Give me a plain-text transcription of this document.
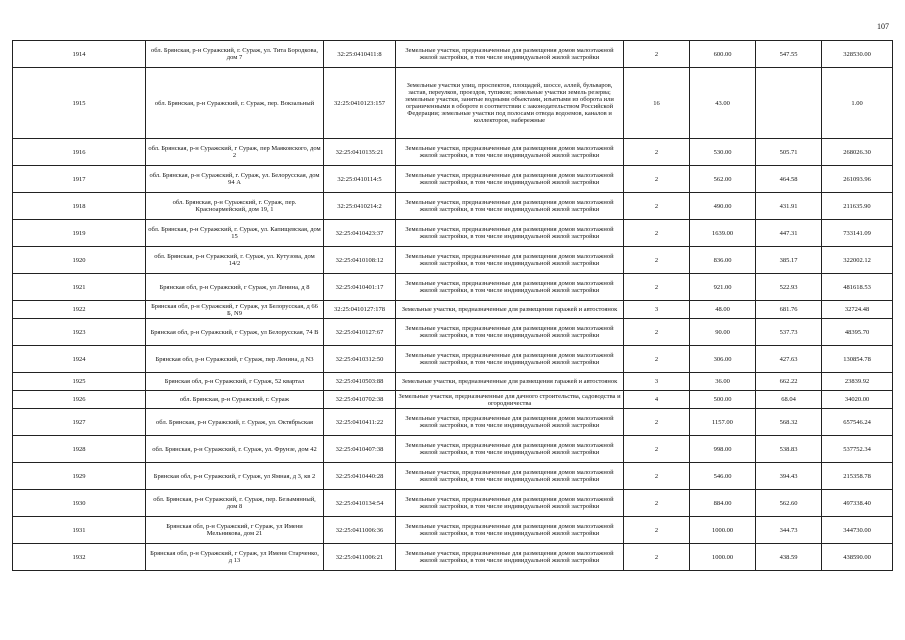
107
1914	обл. Брянская, р-н Суражский, г. Сураж, ул. Тита Бородкова, дом 7	32:25:0410411:8	Земельные участки, предназначенные для размещения домов малоэтажной жилой застройки, в том числе индивидуальной жилой застройки	2	600.00	547.55	328530.00
1915	обл. Брянская, р-н Суражский, г. Сураж, пер. Вокзальный	32:25:0410123:157	Земельные участки улиц, проспектов, площадей, шоссе, аллей, бульваров, застав, переулков, проездов, тупиков; земельные участки земель резерва; земельные участки, занятые водными объектами, изъятыми из оборота или ограниченными в обороте в соответствии с законодательством Российской Федерации; земельные участки под полосами отвода водоемов, каналов и коллекторов, набережные	16	43.00		1.00
1916	обл. Брянская, р-н Суражский, г Сураж, пер Маяковского, дом 2	32:25:0410135:21	Земельные участки, предназначенные для размещения домов малоэтажной жилой застройки, в том числе индивидуальной жилой застройки	2	530.00	505.71	268026.30
1917	обл. Брянская, р-н Суражский, г. Сураж, ул. Белорусская, дом 94 А	32:25:0410114:5	Земельные участки, предназначенные для размещения домов малоэтажной жилой застройки, в том числе индивидуальной жилой застройки	2	562.00	464.58	261093.96
1918	обл. Брянская, р-н Суражский, г. Сураж, пер. Красноармейский, дом 19, 1	32:25:0410214:2	Земельные участки, предназначенные для размещения домов малоэтажной жилой застройки, в том числе индивидуальной жилой застройки	2	490.00	431.91	211635.90
1919	обл. Брянская, р-н Суражский, г. Сураж, ул. Капищевская, дом 15	32:25:0410423:37	Земельные участки, предназначенные для размещения домов малоэтажной жилой застройки, в том числе индивидуальной жилой застройки	2	1639.00	447.31	733141.09
1920	обл. Брянская, р-н Суражский, г. Сураж, ул. Кутузова, дом 14/2	32:25:0410108:12	Земельные участки, предназначенные для размещения домов малоэтажной жилой застройки, в том числе индивидуальной жилой застройки	2	836.00	385.17	322002.12
1921	Брянская обл, р-н Суражский, г Сураж, ул Ленина, д 8	32:25:0410401:17	Земельные участки, предназначенные для размещения домов малоэтажной жилой застройки, в том числе индивидуальной жилой застройки	2	921.00	522.93	481618.53
1922	Брянская обл, р-н Суражский, г Сураж, ул Белорусская, д 66 Б, N9	32:25:0410127:178	Земельные участки, предназначенные для размещения гаражей и автостоянок	3	48.00	681.76	32724.48
1923	Брянская обл, р-н Суражский, г Сураж, ул Белорусская, 74 В	32:25:0410127:67	Земельные участки, предназначенные для размещения домов малоэтажной жилой застройки, в том числе индивидуальной жилой застройки	2	90.00	537.73	48395.70
1924	Брянская обл, р-н Суражский, г Сураж, пер Ленина, д N3	32:25:0410312:50	Земельные участки, предназначенные для размещения домов малоэтажной жилой застройки, в том числе индивидуальной жилой застройки	2	306.00	427.63	130854.78
1925	Брянская обл, р-н Суражский, г Сураж, 52 квартал	32:25:0410503:88	Земельные участки, предназначенные для размещения гаражей и автостоянок	3	36.00	662.22	23839.92
1926	обл. Брянская, р-н Суражский, г. Сураж	32:25:0410702:38	Земельные участки, предназначенные для дачного строительства, садоводства и огородничества	4	500.00	68.04	34020.00
1927	обл. Брянская, р-н Суражский, г. Сураж, ул. Октябрьская	32:25:0410411:22	Земельные участки, предназначенные для размещения домов малоэтажной жилой застройки, в том числе индивидуальной жилой застройки	2	1157.00	568.32	657546.24
1928	обл. Брянская, р-н Суражский, г. Сураж, ул. Фрунзе, дом 42	32:25:0410407:38	Земельные участки, предназначенные для размещения домов малоэтажной жилой застройки, в том числе индивидуальной жилой застройки	2	998.00	538.83	537752.34
1929	Брянская обл, р-н Суражский, г Сураж, ул Ямная, д 3, кв 2	32:25:0410440:28	Земельные участки, предназначенные для размещения домов малоэтажной жилой застройки, в том числе индивидуальной жилой застройки	2	546.00	394.43	215358.78
1930	обл. Брянская, р-н Суражский, г. Сураж, пер. Безымянный, дом 8	32:25:0410134:54	Земельные участки, предназначенные для размещения домов малоэтажной жилой застройки, в том числе индивидуальной жилой застройки	2	884.00	562.60	497338.40
1931	Брянская обл, р-н Суражский, г Сураж, ул Имени Мельникова, дом 21	32:25:0411006:36	Земельные участки, предназначенные для размещения домов малоэтажной жилой застройки, в том числе индивидуальной жилой застройки	2	1000.00	344.73	344730.00
1932	Брянская обл, р-н Суражский, г Сураж, ул Имени Старченко, д 13	32:25:0411006:21	Земельные участки, предназначенные для размещения домов малоэтажной жилой застройки, в том числе индивидуальной жилой застройки	2	1000.00	438.59	438590.00
